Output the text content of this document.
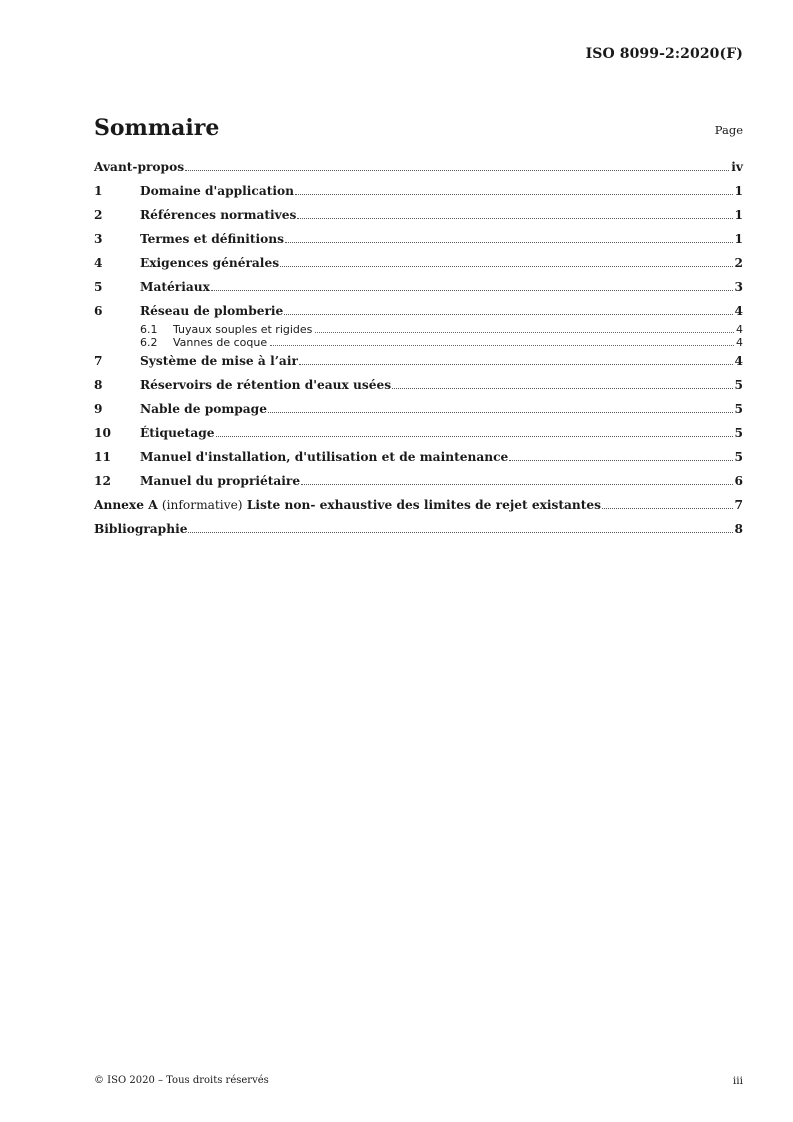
ISO 8099-2:2020(F)
Sommaire	Page
Avant-propos	iv
1	Domaine d'application	1
2	Références normatives	1
3	Termes et définitions	1
4	Exigences générales	2
5	Matériaux	3
6	Réseau de plomberie	4
6.1	Tuyaux souples et rigides	4
6.2	Vannes de coque	4
7	Système de mise à l’air	4
8	Réservoirs de rétention d'eaux usées	5
9	Nable de pompage	5
10	Étiquetage	5
11	Manuel d'installation, d'utilisation et de maintenance	5
12	Manuel du propriétaire	6
Annexe A (informative) Liste non- exhaustive des limites de rejet existantes	7
Bibliographie	8
© ISO 2020 – Tous droits réservés	iii
